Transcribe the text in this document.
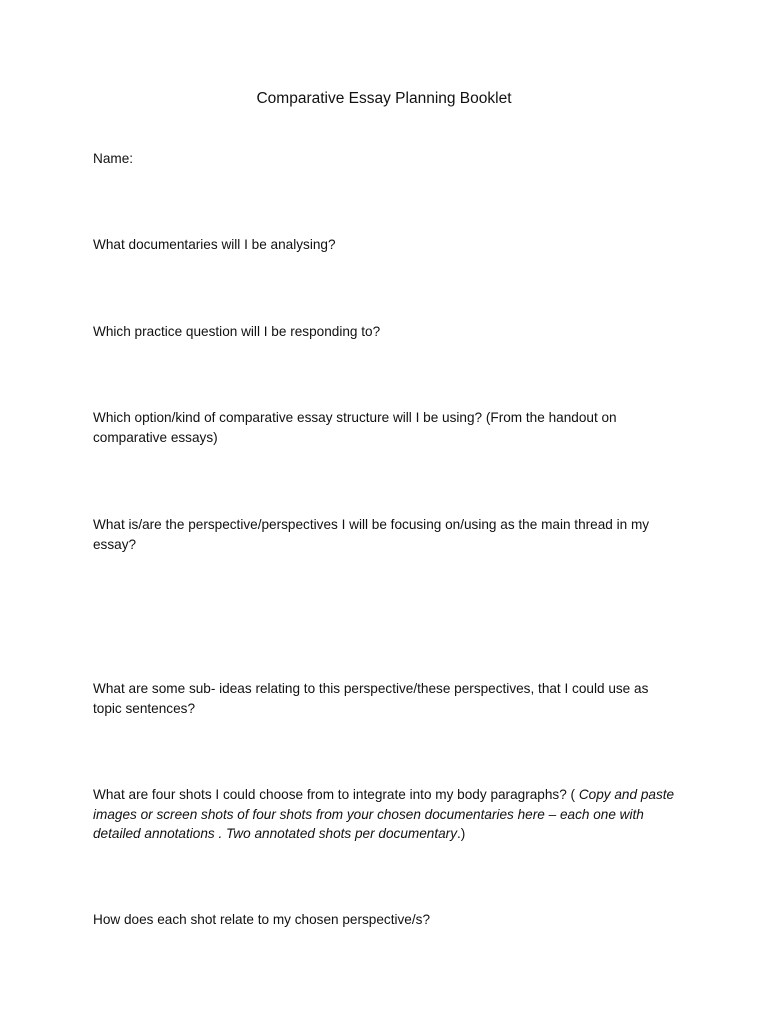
Comparative Essay Planning Booklet
Name:
What documentaries will I be analysing?
Which practice question will I be responding to?
Which option/kind of comparative essay structure will I be using? (From the handout on comparative essays)
What is/are the perspective/perspectives I will be focusing on/using as the main thread in my essay?
What are some sub- ideas relating to this perspective/these perspectives, that I could use as topic sentences?
What are four shots I could choose from to integrate into my body paragraphs? ( Copy and paste images or screen shots of four shots from your chosen documentaries here – each one with detailed annotations . Two annotated shots per documentary.)
How does each shot relate to my chosen perspective/s?
